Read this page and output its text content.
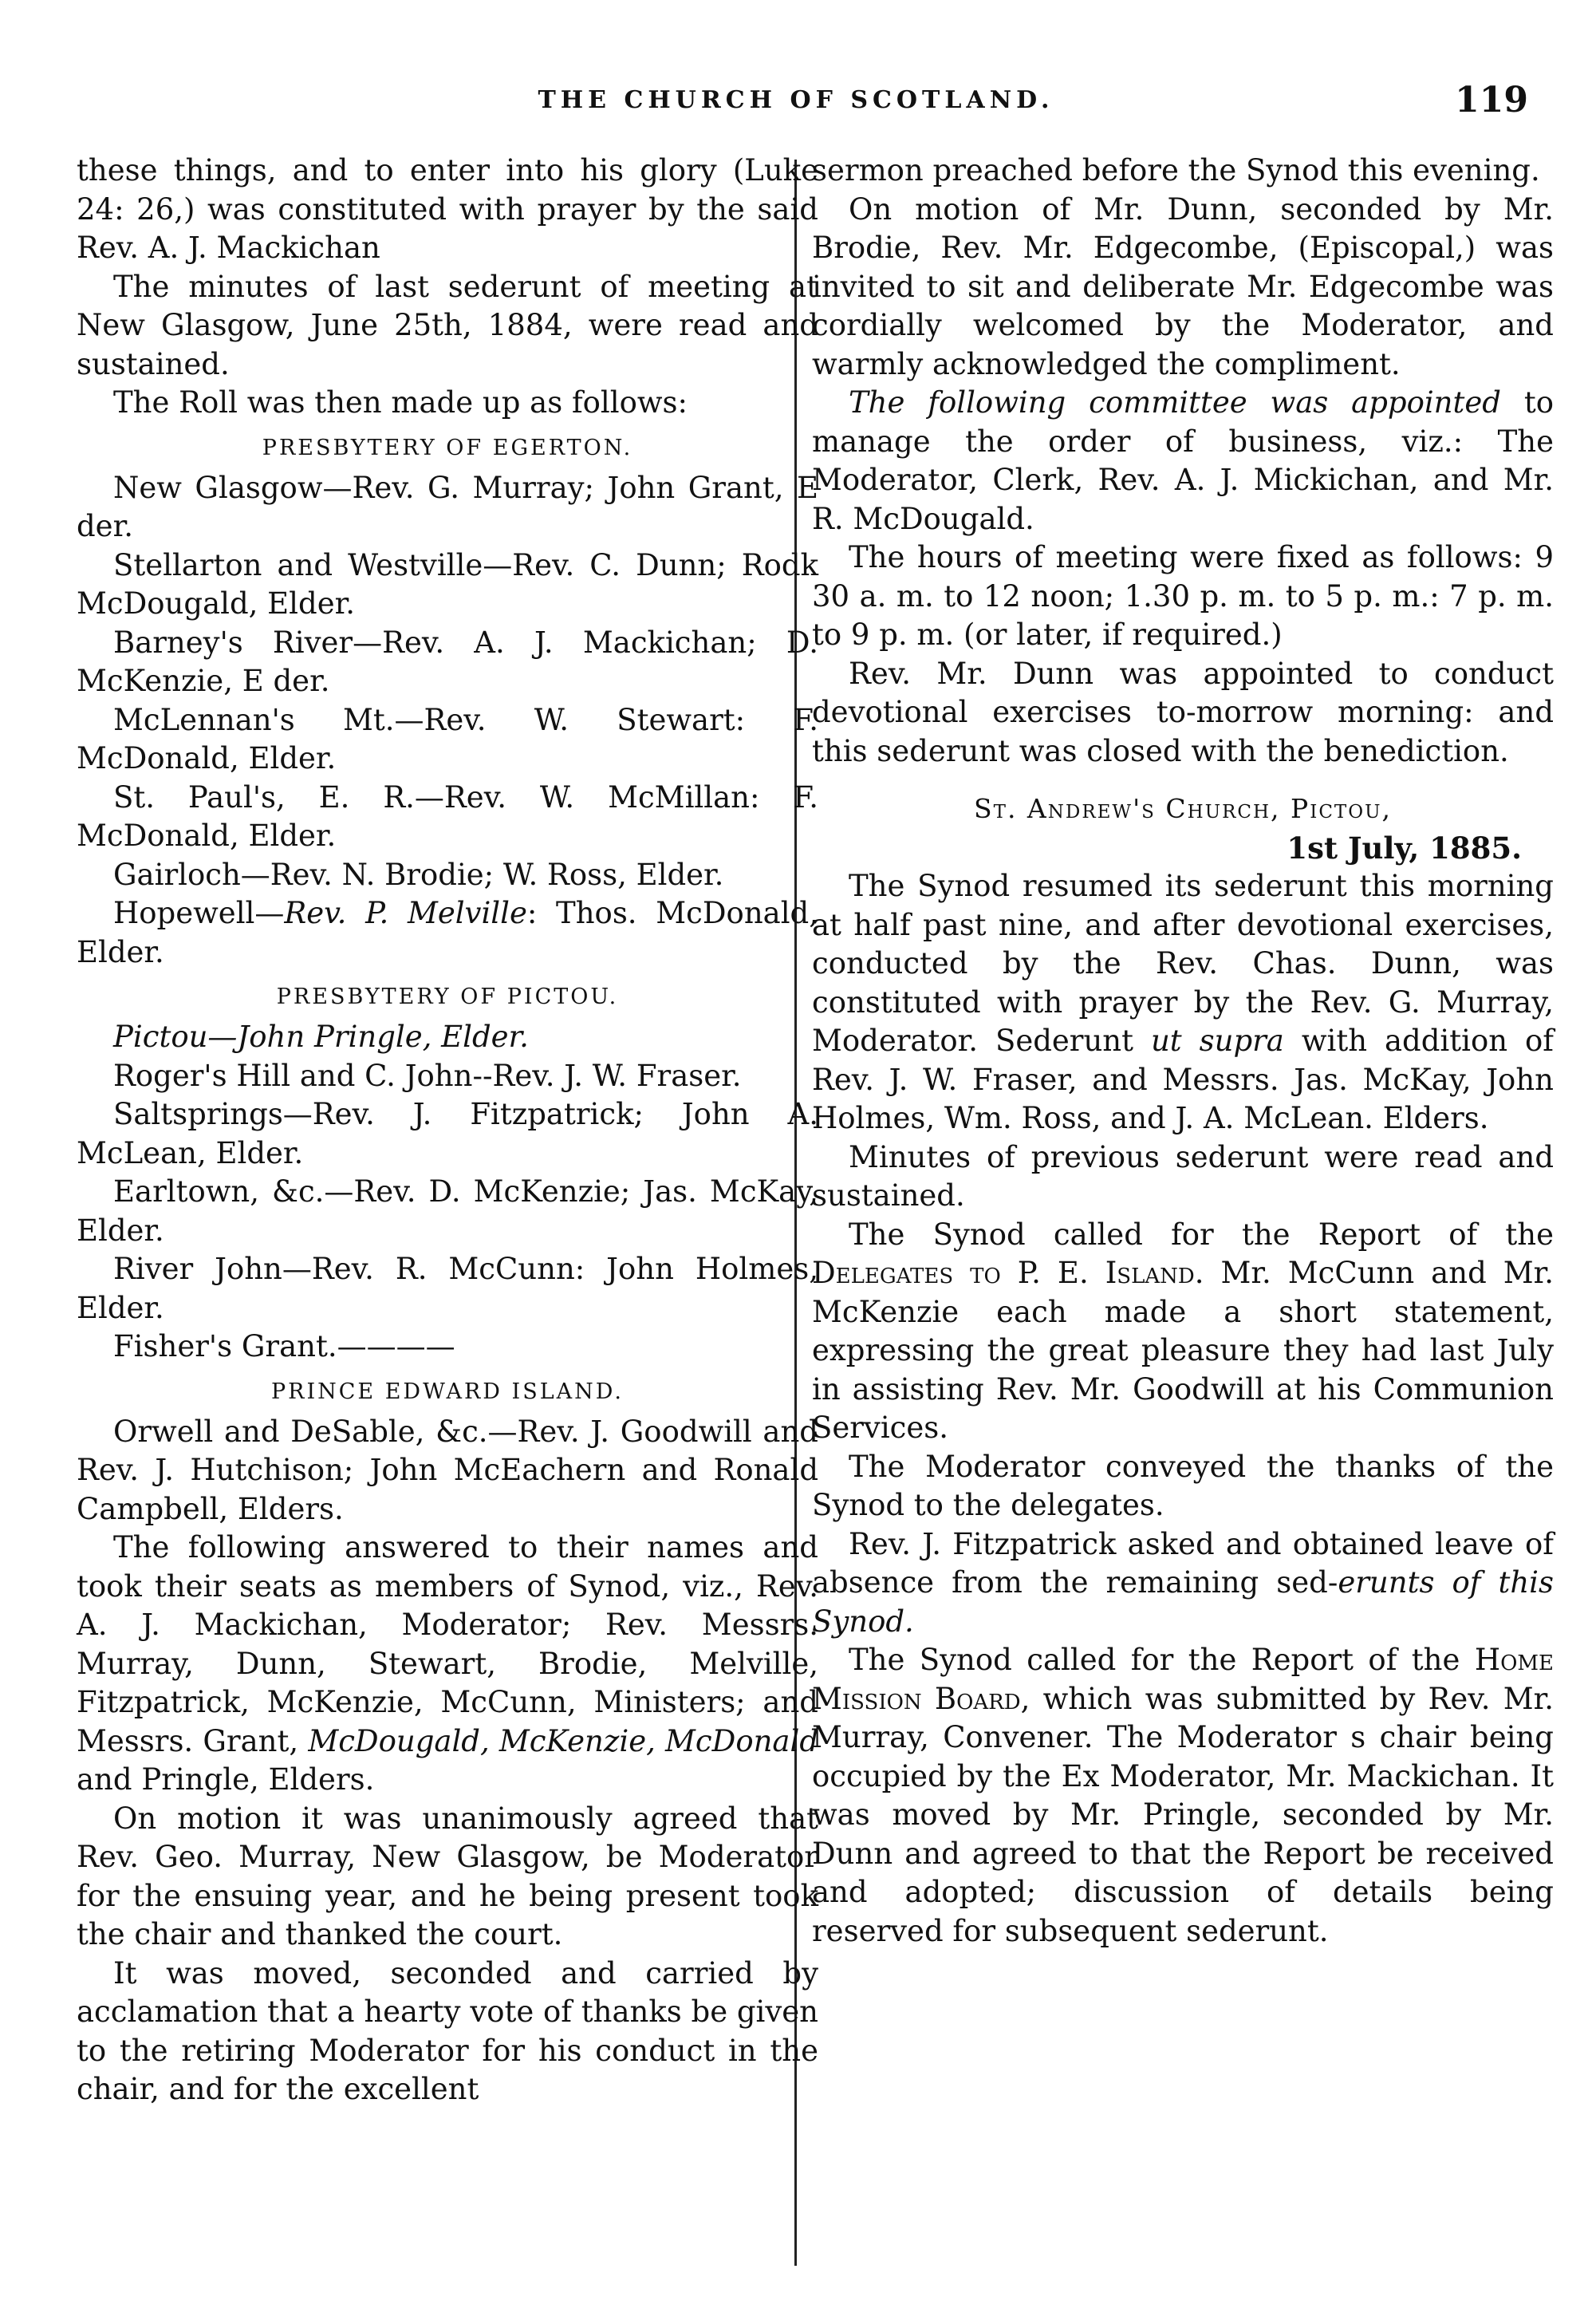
THE CHURCH OF SCOTLAND.	119

these things, and to enter into his glory (Luke 24: 26,) was constituted with prayer by the said Rev. A. J. Mackichan

The minutes of last sederunt of meeting at New Glasgow, June 25th, 1884, were read and sustained.

The Roll was then made up as follows:

PRESBYTERY OF EGERTON.

New Glasgow—Rev. G. Murray; John Grant, E der.

Stellarton and Westville—Rev. C. Dunn; Rodk McDougald, Elder.

Barney's River—Rev. A. J. Mackichan; D. McKenzie, E der.

McLennan's Mt.—Rev. W. Stewart: F. McDonald, Elder.

St. Paul's, E. R.—Rev. W. McMillan: F. McDonald, Elder.

Gairloch—Rev. N. Brodie; W. Ross, Elder.

Hopewell—Rev. P. Melville: Thos. McDonald, Elder.

PRESBYTERY OF PICTOU.

Pictou—John Pringle, Elder.

Roger's Hill and C. John--Rev. J. W. Fraser.

Saltsprings—Rev. J. Fitzpatrick; John A. McLean, Elder.

Earltown, &c.—Rev. D. McKenzie; Jas. McKay, Elder.

River John—Rev. R. McCunn: John Holmes, Elder.

Fisher's Grant.————

PRINCE EDWARD ISLAND.

Orwell and DeSable, &c.—Rev. J. Goodwill and Rev. J. Hutchison; John McEachern and Ronald Campbell, Elders.

The following answered to their names and took their seats as members of Synod, viz., Rev. A. J. Mackichan, Moderator; Rev. Messrs. Murray, Dunn, Stewart, Brodie, Melville, Fitzpatrick, McKenzie, McCunn, Ministers; and Messrs. Grant, McDougald, McKenzie, McDonald and Pringle, Elders.

On motion it was unanimously agreed that Rev. Geo. Murray, New Glasgow, be Moderator for the ensuing year, and he being present took the chair and thanked the court.

It was moved, seconded and carried by acclamation that a hearty vote of thanks be given to the retiring Moderator for his conduct in the chair, and for the excellent

sermon preached before the Synod this evening.

On motion of Mr. Dunn, seconded by Mr. Brodie, Rev. Mr. Edgecombe, (Episcopal,) was invited to sit and deliberate Mr. Edgecombe was cordially welcomed by the Moderator, and warmly acknowledged the compliment.

The following committee was appointed to manage the order of business, viz.: The Moderator, Clerk, Rev. A. J. Mickichan, and Mr. R. McDougald.

The hours of meeting were fixed as follows: 9 30 a. m. to 12 noon; 1.30 p. m. to 5 p. m.: 7 p. m. to 9 p. m. (or later, if required.)

Rev. Mr. Dunn was appointed to conduct devotional exercises to-morrow morning: and this sederunt was closed with the benediction.

St. Andrew's Church, Pictou,

1st July, 1885.

The Synod resumed its sederunt this morning at half past nine, and after devotional exercises, conducted by the Rev. Chas. Dunn, was constituted with prayer by the Rev. G. Murray, Moderator. Sederunt ut supra with addition of Rev. J. W. Fraser, and Messrs. Jas. McKay, John Holmes, Wm. Ross, and J. A. McLean. Elders.

Minutes of previous sederunt were read and sustained.

The Synod called for the Report of the Delegates to P. E. Island. Mr. McCunn and Mr. McKenzie each made a short statement, expressing the great pleasure they had last July in assisting Rev. Mr. Goodwill at his Communion Services.

The Moderator conveyed the thanks of the Synod to the delegates.

Rev. J. Fitzpatrick asked and obtained leave of absence from the remaining sed-erunts of this Synod.

The Synod called for the Report of the Home Mission Board, which was submitted by Rev. Mr. Murray, Convener. The Moderator s chair being occupied by the Ex Moderator, Mr. Mackichan. It was moved by Mr. Pringle, seconded by Mr. Dunn and agreed to that the Report be received and adopted; discussion of details being reserved for subsequent sederunt.
